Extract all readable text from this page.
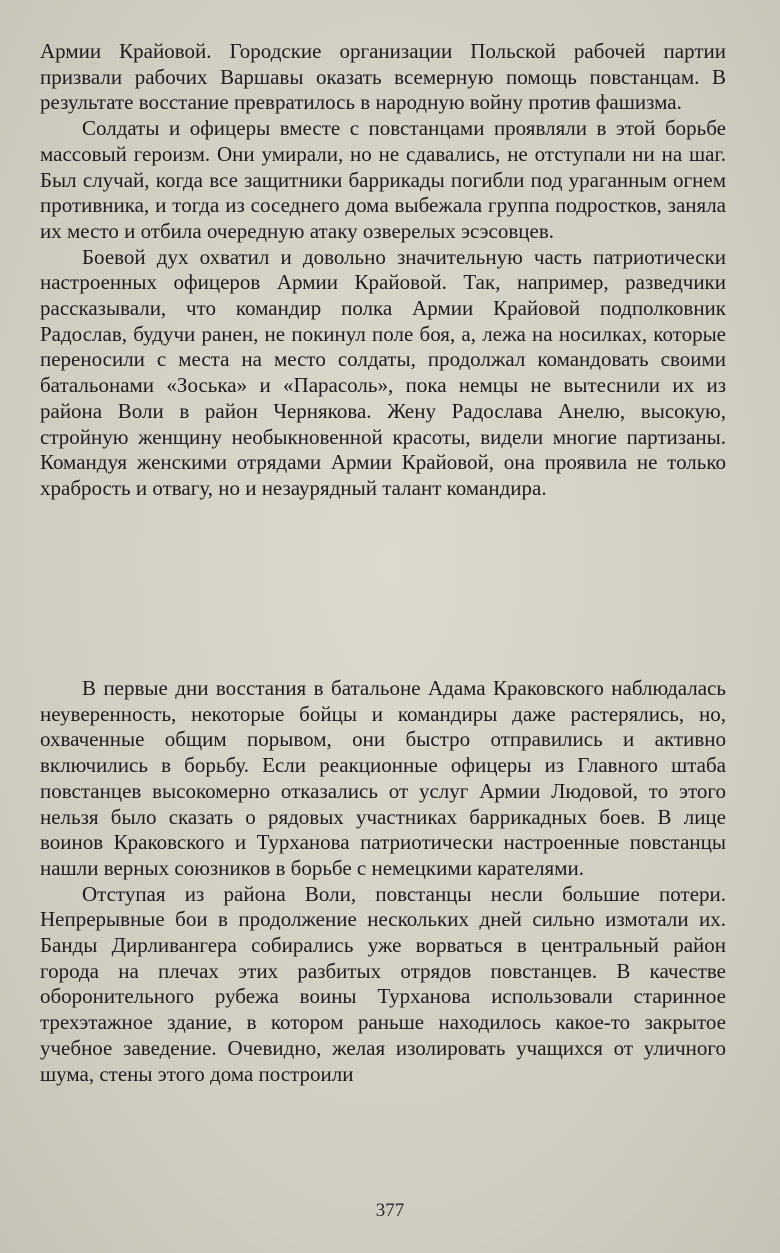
Армии Крайовой. Городские организации Польской рабочей партии призвали рабочих Варшавы оказать всемерную помощь повстанцам. В результате восстание превратилось в народную войну против фашизма.

Солдаты и офицеры вместе с повстанцами проявляли в этой борьбе массовый героизм. Они умирали, но не сдавались, не отступали ни на шаг. Был случай, когда все защитники баррикады погибли под ураганным огнем противника, и тогда из соседнего дома выбежала группа подростков, заняла их место и отбила очередную атаку озверелых эсэсовцев.

Боевой дух охватил и довольно значительную часть патриотически настроенных офицеров Армии Крайовой. Так, например, разведчики рассказывали, что командир полка Армии Крайовой подполковник Радослав, будучи ранен, не покинул поле боя, а, лежа на носилках, которые переносили с места на место солдаты, продолжал командовать своими батальонами «Зоська» и «Парасоль», пока немцы не вытеснили их из района Воли в район Чернякова. Жену Радослава Анелю, высокую, стройную женщину необыкновенной красоты, видели многие партизаны. Командуя женскими отрядами Армии Крайовой, она проявила не только храбрость и отвагу, но и незаурядный талант командира.

В первые дни восстания в батальоне Адама Краковского наблюдалась неуверенность, некоторые бойцы и командиры даже растерялись, но, охваченные общим порывом, они быстро отправились и активно включились в борьбу. Если реакционные офицеры из Главного штаба повстанцев высокомерно отказались от услуг Армии Людовой, то этого нельзя было сказать о рядовых участниках баррикадных боев. В лице воинов Краковского и Турханова патриотически настроенные повстанцы нашли верных союзников в борьбе с немецкими карателями.

Отступая из района Воли, повстанцы несли большие потери. Непрерывные бои в продолжение нескольких дней сильно измотали их. Банды Дирливангера собирались уже ворваться в центральный район города на плечах этих разбитых отрядов повстанцев. В качестве оборонительного рубежа воины Турханова использовали старинное трехэтажное здание, в котором раньше находилось какое-то закрытое учебное заведение. Очевидно, желая изолировать учащихся от уличного шума, стены этого дома построили

377
